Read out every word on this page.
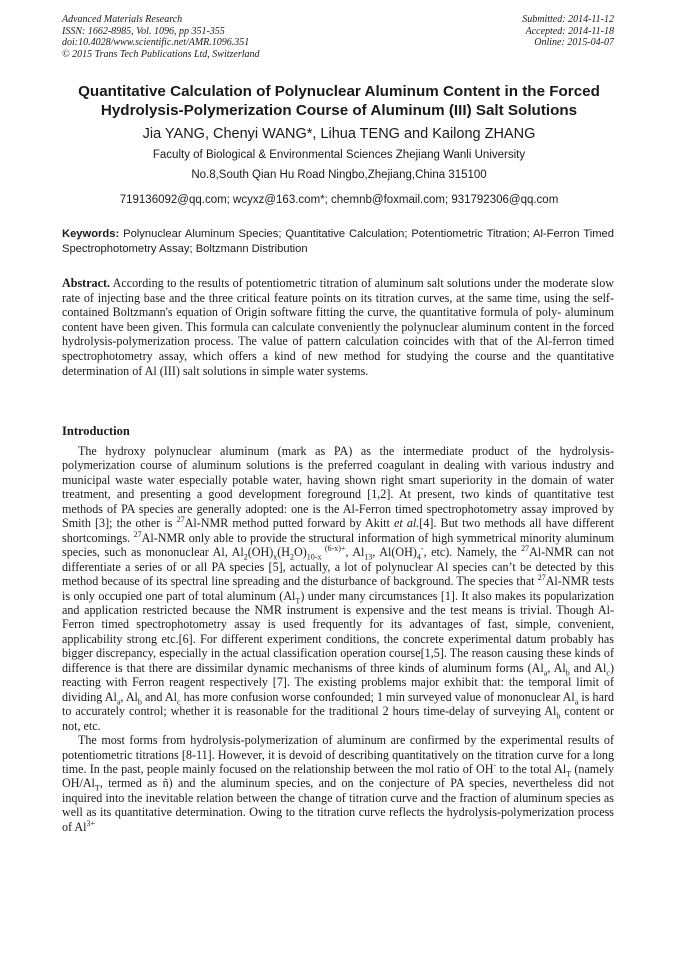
Advanced Materials Research
ISSN: 1662-8985, Vol. 1096, pp 351-355
doi:10.4028/www.scientific.net/AMR.1096.351
© 2015 Trans Tech Publications Ltd, Switzerland
Submitted: 2014-11-12
Accepted: 2014-11-18
Online: 2015-04-07
Quantitative Calculation of Polynuclear Aluminum Content in the Forced Hydrolysis-Polymerization Course of Aluminum (III) Salt Solutions
Jia YANG, Chenyi WANG*, Lihua TENG and Kailong ZHANG
Faculty of Biological & Environmental Sciences Zhejiang Wanli University
No.8,South Qian Hu Road Ningbo,Zhejiang,China 315100
719136092@qq.com; wcyxz@163.com*; chemnb@foxmail.com; 931792306@qq.com
Keywords: Polynuclear Aluminum Species; Quantitative Calculation; Potentiometric Titration; Al-Ferron Timed Spectrophotometry Assay; Boltzmann Distribution
Abstract. According to the results of potentiometric titration of aluminum salt solutions under the moderate slow rate of injecting base and the three critical feature points on its titration curves, at the same time, using the self-contained Boltzmann's equation of Origin software fitting the curve, the quantitative formula of poly- aluminum content have been given. This formula can calculate conveniently the polynuclear aluminum content in the forced hydrolysis-polymerization process. The value of pattern calculation coincides with that of the Al-ferron timed spectrophotometry assay, which offers a kind of new method for studying the course and the quantitative determination of Al (III) salt solutions in simple water systems.
Introduction

The hydroxy polynuclear aluminum (mark as PA) as the intermediate product of the hydrolysis-polymerization course of aluminum solutions is the preferred coagulant in dealing with various industry and municipal waste water especially potable water, having shown right smart superiority in the domain of water treatment, and presenting a good development foreground [1,2]. At present, two kinds of quantitative test methods of PA species are generally adopted: one is the Al-Ferron timed spectrophotometry assay improved by Smith [3]; the other is $^{27}$Al-NMR method putted forward by Akitt et al.[4]. But two methods all have different shortcomings. $^{27}$Al-NMR only able to provide the structural information of high symmetrical minority aluminum species, such as mononuclear Al, $Al_2(OH)_x(H_2O)_{10-x}$ $^{(6-x)+}$, $Al_{13}$, $Al(OH)_4^-$, etc). Namely, the $^{27}$Al-NMR can not differentiate a series of or all PA species [5], actually, a lot of polynuclear Al species can’t be detected by this method because of its spectral line spreading and the disturbance of background. The species that $^{27}$Al-NMR tests is only occupied one part of total aluminum $(Al_T)$ under many circumstances [1]. It also makes its popularization and application restricted because the NMR instrument is expensive and the test means is trivial. Though Al-Ferron timed spectrophotometry assay is used frequently for its advantages of fast, simple, convenient, applicability strong etc.[6]. For different experiment conditions, the concrete experimental datum probably has bigger discrepancy, especially in the actual classification operation course[1,5]. The reason causing these kinds of difference is that there are dissimilar dynamic mechanisms of three kinds of aluminum forms ($Al_a$, $Al_b$ and $Al_c$) reacting with Ferron reagent respectively [7]. The existing problems major exhibit that: the temporal limit of dividing $Al_a$, $Al_b$ and $Al_c$ has more confusion worse confounded; 1 min surveyed value of mononuclear $Al_a$ is hard to accurately control; whether it is reasonable for the traditional 2 hours time-delay of surveying $Al_b$ content or not, etc.

The most forms from hydrolysis-polymerization of aluminum are confirmed by the experimental results of potentiometric titrations [8-11]. However, it is devoid of describing quantitatively on the titration curve for a long time. In the past, people mainly focused on the relationship between the mol ratio of OH- to the total $Al_T$ (namely $OH/Al_T$, termed as ñ) and the aluminum species, and on the conjecture of PA species, nevertheless did not inquired into the inevitable relation between the change of titration curve and the fraction of aluminum species as well as its quantitative determination. Owing to the titration curve reflects the hydrolysis-polymerization process of $Al^{3+}$
